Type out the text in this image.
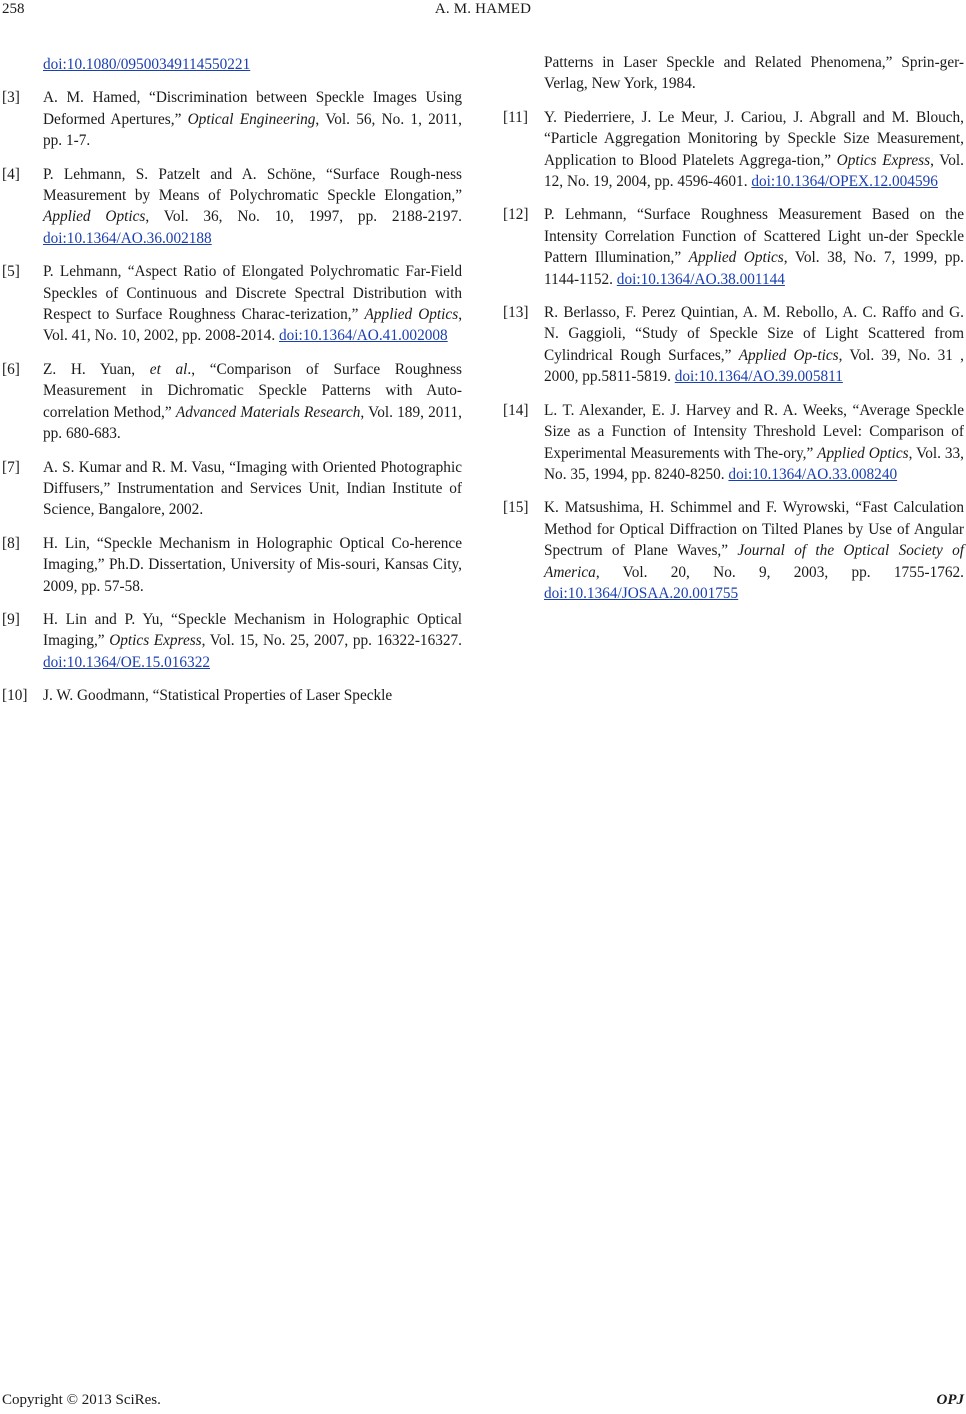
258	A. M. HAMED
doi:10.1080/09500349114550221
[3] A. M. Hamed, “Discrimination between Speckle Images Using Deformed Apertures,” Optical Engineering, Vol. 56, No. 1, 2011, pp. 1-7.
[4] P. Lehmann, S. Patzelt and A. Schöne, “Surface Rough-ness Measurement by Means of Polychromatic Speckle Elongation,” Applied Optics, Vol. 36, No. 10, 1997, pp. 2188-2197. doi:10.1364/AO.36.002188
[5] P. Lehmann, “Aspect Ratio of Elongated Polychromatic Far-Field Speckles of Continuous and Discrete Spectral Distribution with Respect to Surface Roughness Charac-terization,” Applied Optics, Vol. 41, No. 10, 2002, pp. 2008-2014. doi:10.1364/AO.41.002008
[6] Z. H. Yuan, et al., “Comparison of Surface Roughness Measurement in Dichromatic Speckle Patterns with Auto-correlation Method,” Advanced Materials Research, Vol. 189, 2011, pp. 680-683.
[7] A. S. Kumar and R. M. Vasu, “Imaging with Oriented Photographic Diffusers,” Instrumentation and Services Unit, Indian Institute of Science, Bangalore, 2002.
[8] H. Lin, “Speckle Mechanism in Holographic Optical Co-herence Imaging,” Ph.D. Dissertation, University of Mis-souri, Kansas City, 2009, pp. 57-58.
[9] H. Lin and P. Yu, “Speckle Mechanism in Holographic Optical Imaging,” Optics Express, Vol. 15, No. 25, 2007, pp. 16322-16327. doi:10.1364/OE.15.016322
[10] J. W. Goodmann, “Statistical Properties of Laser Speckle
Patterns in Laser Speckle and Related Phenomena,” Sprin-ger-Verlag, New York, 1984.
[11] Y. Piederriere, J. Le Meur, J. Cariou, J. Abgrall and M. Blouch, “Particle Aggregation Monitoring by Speckle Size Measurement, Application to Blood Platelets Aggrega-tion,” Optics Express, Vol. 12, No. 19, 2004, pp. 4596-4601. doi:10.1364/OPEX.12.004596
[12] P. Lehmann, “Surface Roughness Measurement Based on the Intensity Correlation Function of Scattered Light un-der Speckle Pattern Illumination,” Applied Optics, Vol. 38, No. 7, 1999, pp. 1144-1152. doi:10.1364/AO.38.001144
[13] R. Berlasso, F. Perez Quintian, A. M. Rebollo, A. C. Raffo and G. N. Gaggioli, “Study of Speckle Size of Light Scattered from Cylindrical Rough Surfaces,” Applied Op-tics, Vol. 39, No. 31 , 2000, pp.5811-5819. doi:10.1364/AO.39.005811
[14] L. T. Alexander, E. J. Harvey and R. A. Weeks, “Average Speckle Size as a Function of Intensity Threshold Level: Comparison of Experimental Measurements with The-ory,” Applied Optics, Vol. 33, No. 35, 1994, pp. 8240-8250. doi:10.1364/AO.33.008240
[15] K. Matsushima, H. Schimmel and F. Wyrowski, “Fast Calculation Method for Optical Diffraction on Tilted Planes by Use of Angular Spectrum of Plane Waves,” Journal of the Optical Society of America, Vol. 20, No. 9, 2003, pp. 1755-1762. doi:10.1364/JOSAA.20.001755
Copyright © 2013 SciRes.	OPJ
